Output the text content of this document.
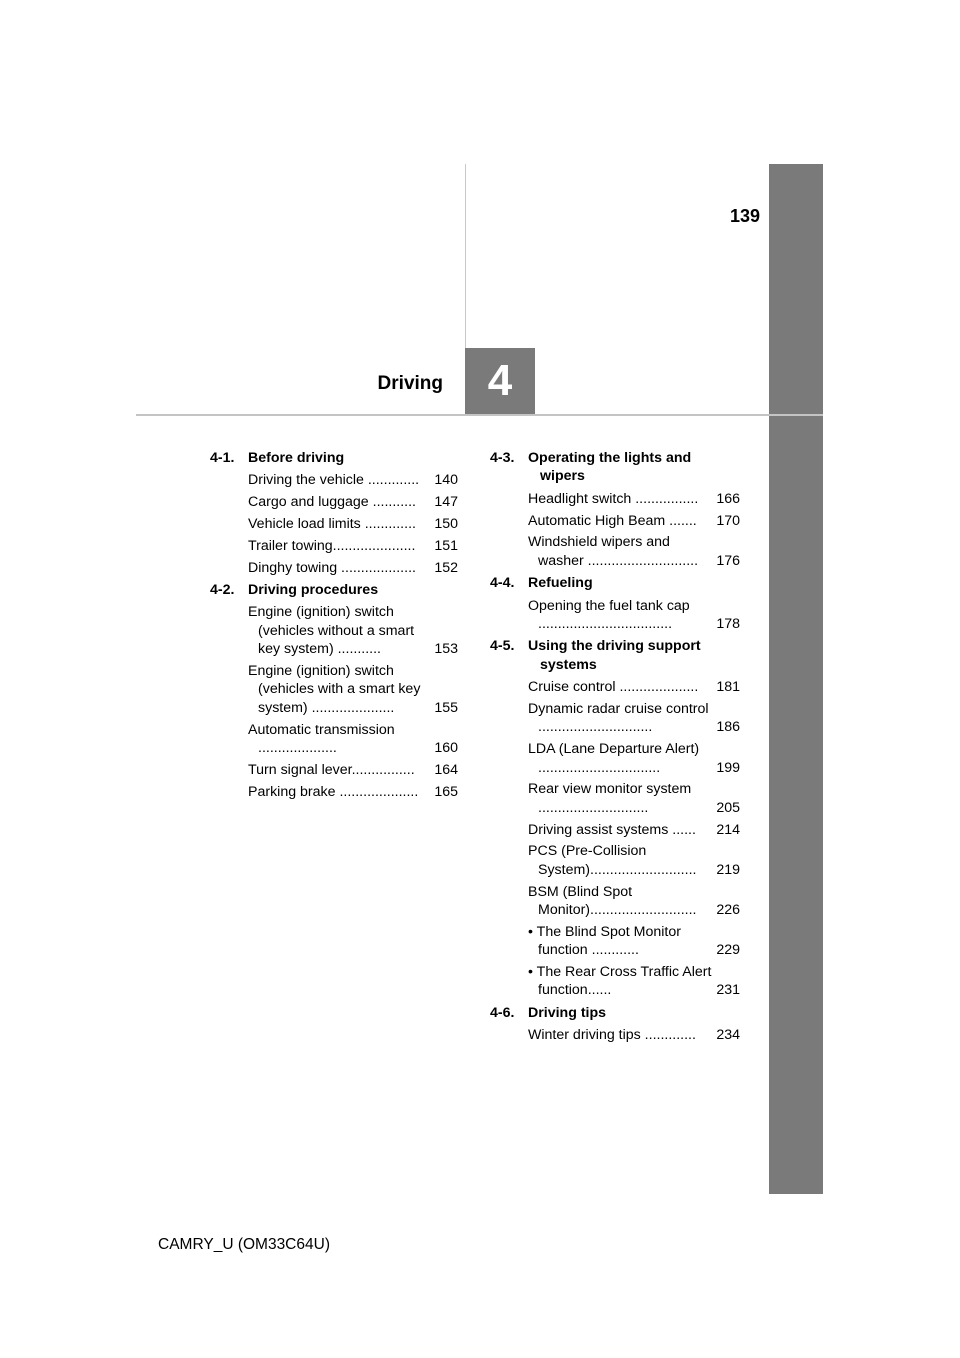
139
Driving	4
4-1. Before driving
Driving the vehicle .............	140
Cargo and luggage ...........	147
Vehicle load limits .............	150
Trailer towing.....................	151
Dinghy towing ...................	152
4-2. Driving procedures
Engine (ignition) switch (vehicles without a smart key system) ...........	153
Engine (ignition) switch (vehicles with a smart key system) .....................	155
Automatic transmission ....................	160
Turn signal lever................	164
Parking brake ....................	165
4-3. Operating the lights and wipers
Headlight switch ................	166
Automatic High Beam .......	170
Windshield wipers and washer ............................	176
4-4. Refueling
Opening the fuel tank cap ..................................	178
4-5. Using the driving support systems
Cruise control ....................	181
Dynamic radar cruise control .............................	186
LDA (Lane Departure Alert) ...............................	199
Rear view monitor system ............................	205
Driving assist systems ......	214
PCS (Pre-Collision System)...........................	219
BSM (Blind Spot Monitor)...........................	226
• The Blind Spot Monitor function ............	229
• The Rear Cross Traffic Alert function......	231
4-6. Driving tips
Winter driving tips .............	234
CAMRY_U (OM33C64U)
